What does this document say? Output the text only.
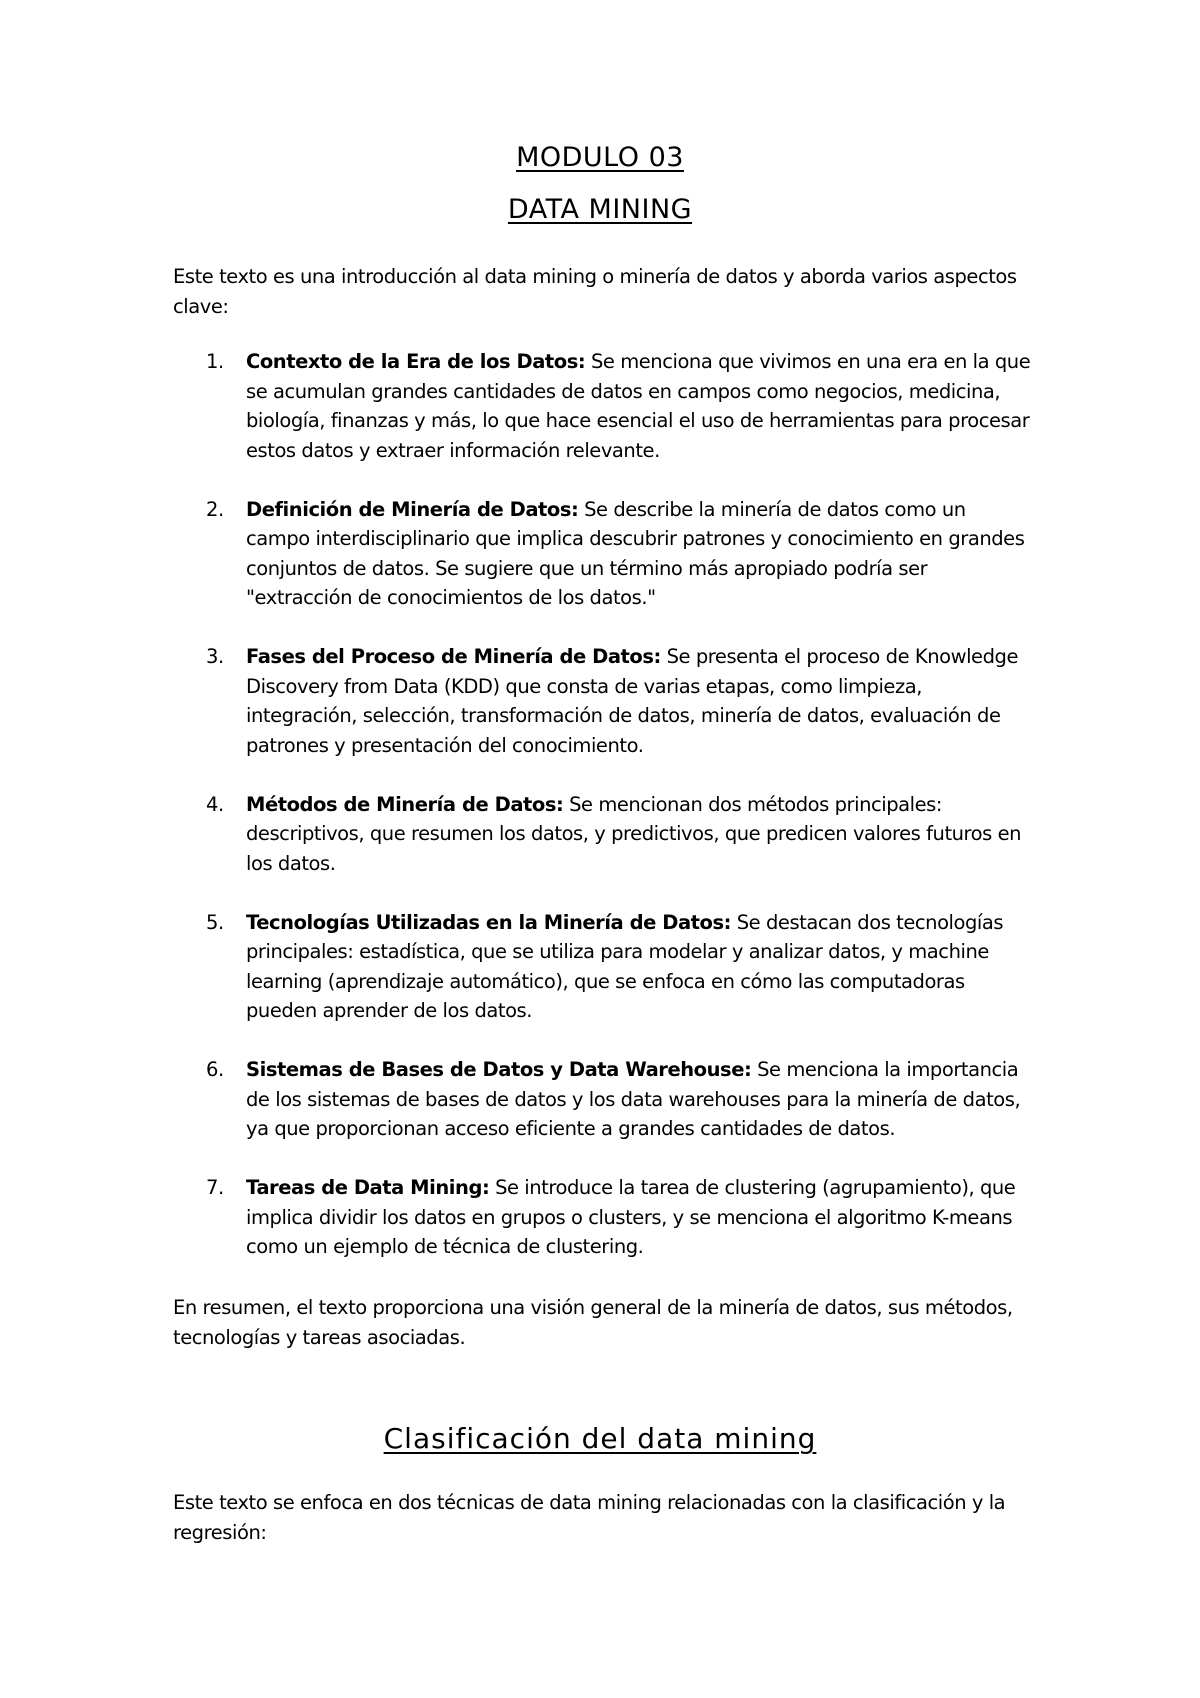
MODULO 03
DATA MINING
Este texto es una introducción al data mining o minería de datos y aborda varios aspectos clave:
1. Contexto de la Era de los Datos: Se menciona que vivimos en una era en la que se acumulan grandes cantidades de datos en campos como negocios, medicina, biología, finanzas y más, lo que hace esencial el uso de herramientas para procesar estos datos y extraer información relevante.
2. Definición de Minería de Datos: Se describe la minería de datos como un campo interdisciplinario que implica descubrir patrones y conocimiento en grandes conjuntos de datos. Se sugiere que un término más apropiado podría ser "extracción de conocimientos de los datos."
3. Fases del Proceso de Minería de Datos: Se presenta el proceso de Knowledge Discovery from Data (KDD) que consta de varias etapas, como limpieza, integración, selección, transformación de datos, minería de datos, evaluación de patrones y presentación del conocimiento.
4. Métodos de Minería de Datos: Se mencionan dos métodos principales: descriptivos, que resumen los datos, y predictivos, que predicen valores futuros en los datos.
5. Tecnologías Utilizadas en la Minería de Datos: Se destacan dos tecnologías principales: estadística, que se utiliza para modelar y analizar datos, y machine learning (aprendizaje automático), que se enfoca en cómo las computadoras pueden aprender de los datos.
6. Sistemas de Bases de Datos y Data Warehouse: Se menciona la importancia de los sistemas de bases de datos y los data warehouses para la minería de datos, ya que proporcionan acceso eficiente a grandes cantidades de datos.
7. Tareas de Data Mining: Se introduce la tarea de clustering (agrupamiento), que implica dividir los datos en grupos o clusters, y se menciona el algoritmo K-means como un ejemplo de técnica de clustering.
En resumen, el texto proporciona una visión general de la minería de datos, sus métodos, tecnologías y tareas asociadas.
Clasificación del data mining
Este texto se enfoca en dos técnicas de data mining relacionadas con la clasificación y la regresión:
